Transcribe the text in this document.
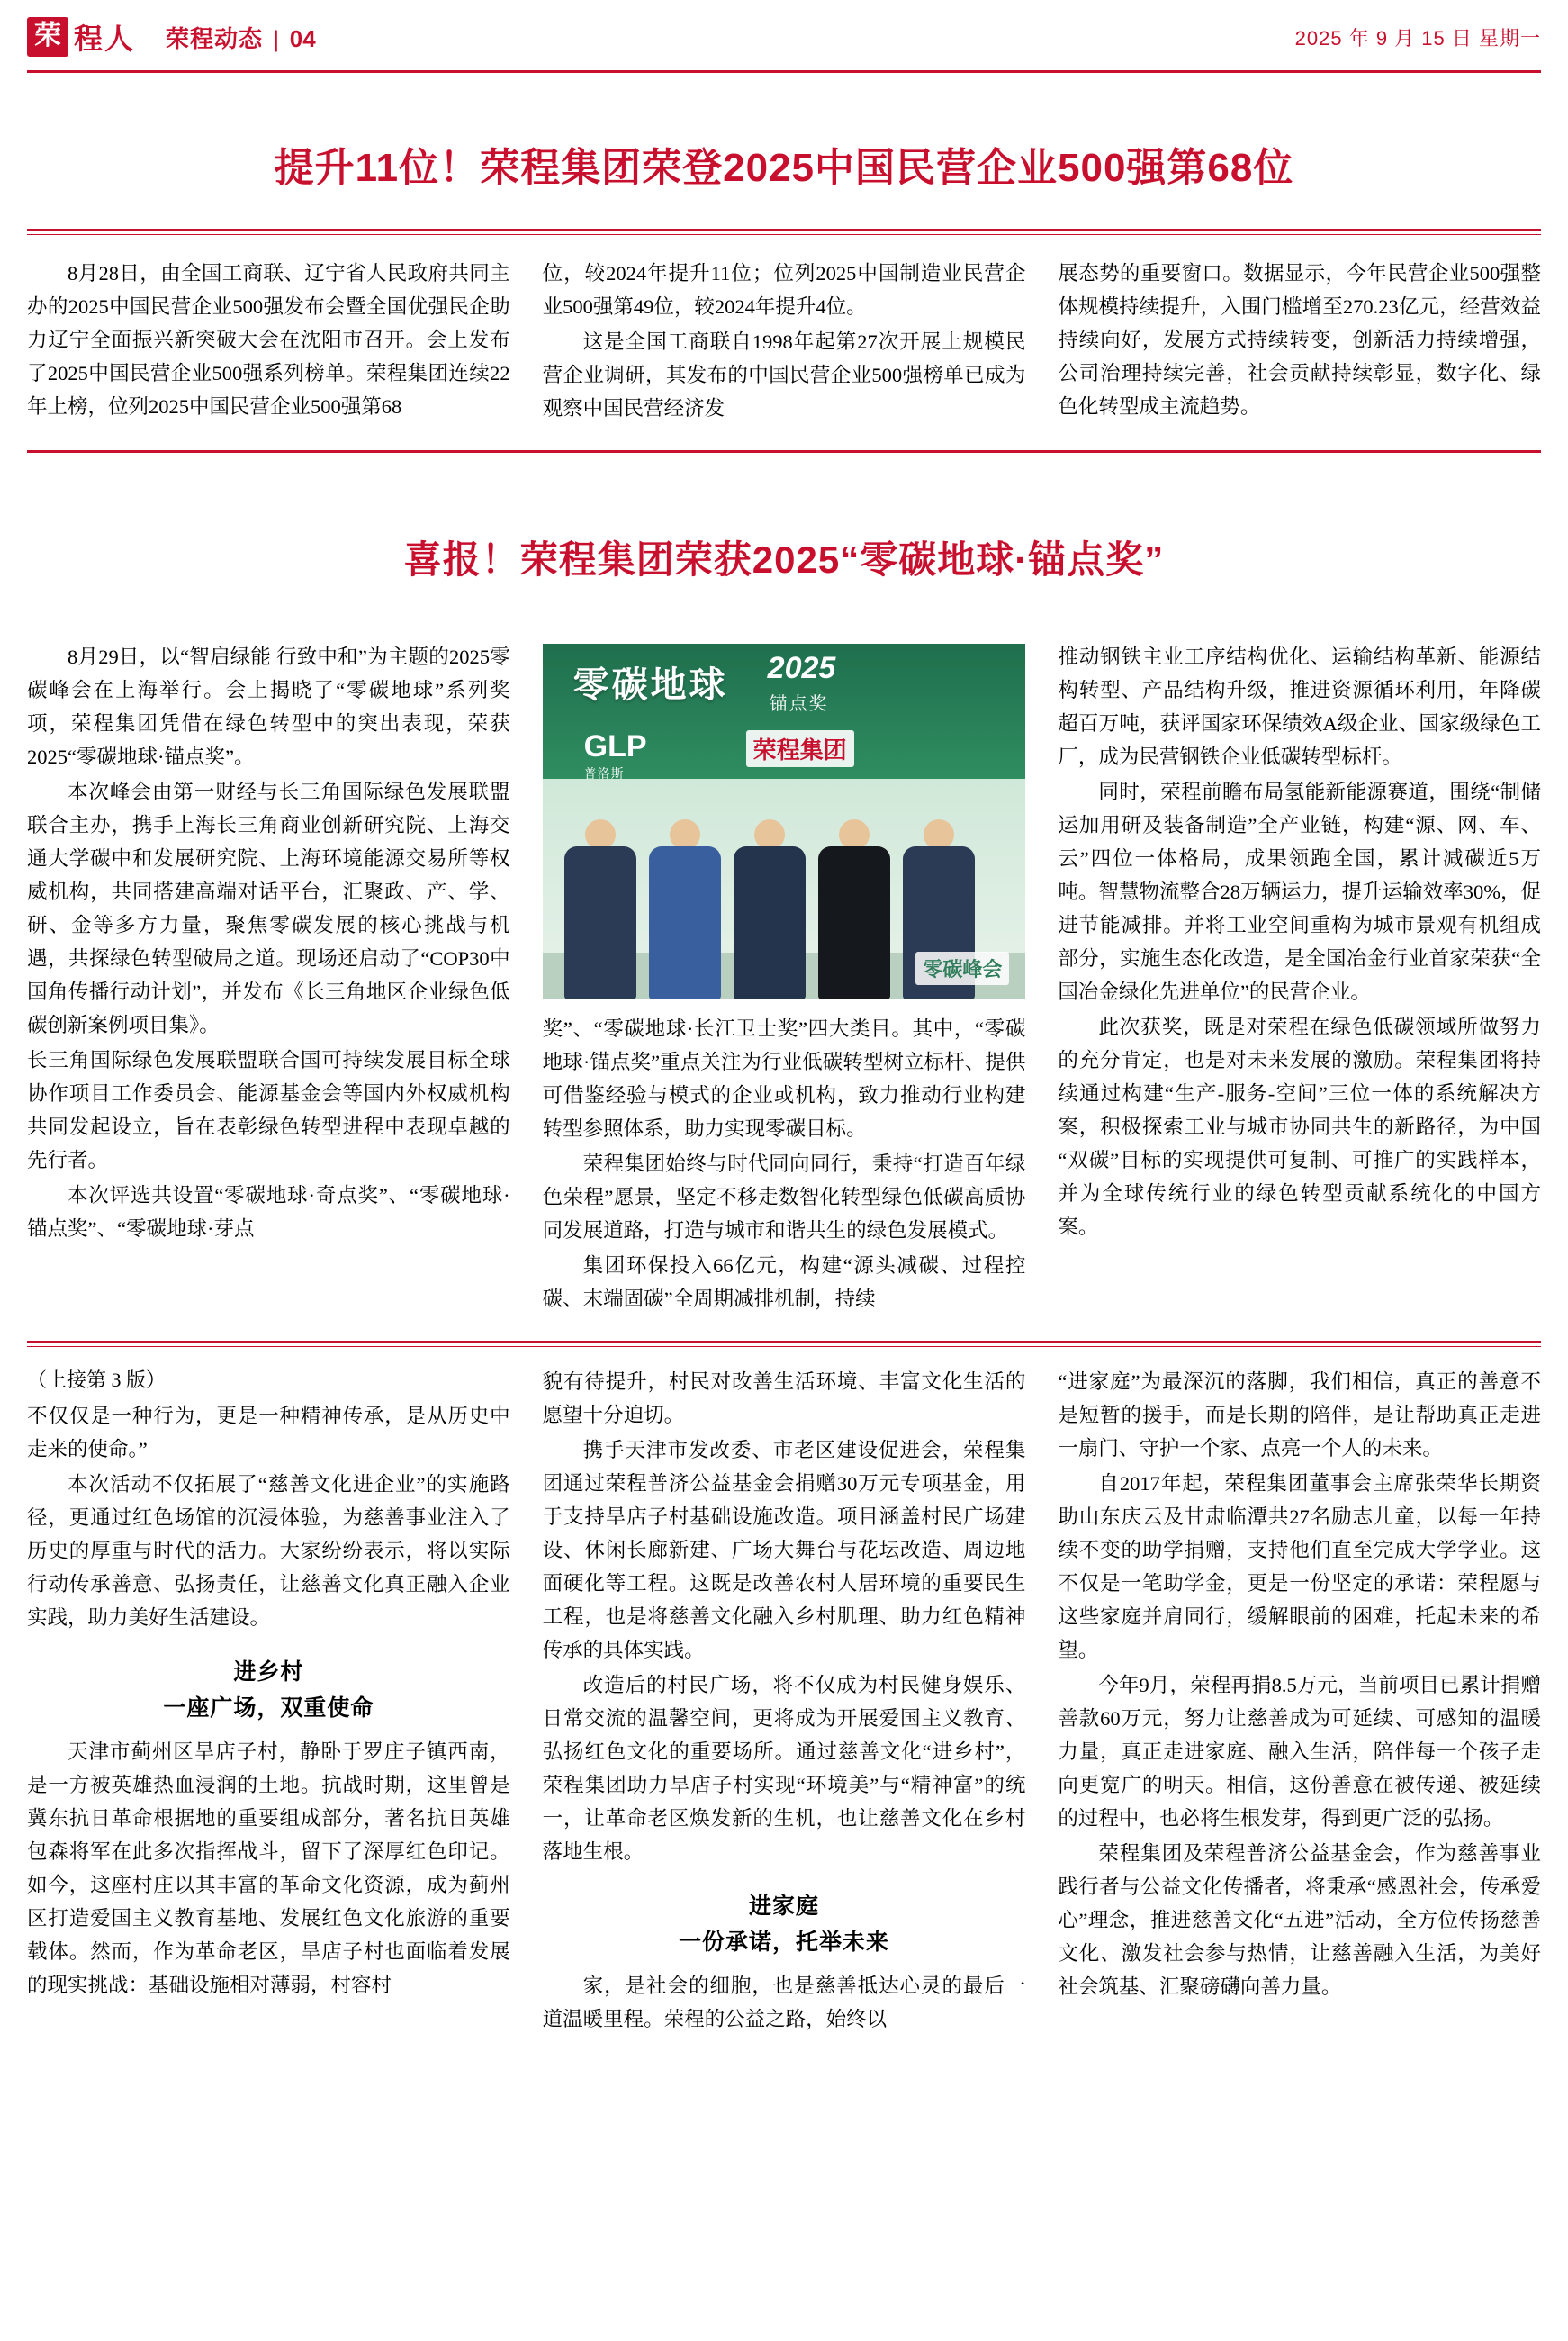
荣 程人 荣程动态 | 04	2025 年 9 月 15 日 星期一
提升11位！荣程集团荣登2025中国民营企业500强第68位

8月28日，由全国工商联、辽宁省人民政府共同主办的2025中国民营企业500强发布会暨全国优强民企助力辽宁全面振兴新突破大会在沈阳市召开。会上发布了2025中国民营企业500强系列榜单。荣程集团连续22年上榜，位列2025中国民营企业500强第68

位，较2024年提升11位；位列2025中国制造业民营企业500强第49位，较2024年提升4位。

这是全国工商联自1998年起第27次开展上规模民营企业调研，其发布的中国民营企业500强榜单已成为观察中国民营经济发

展态势的重要窗口。数据显示，今年民营企业500强整体规模持续提升，入围门槛增至270.23亿元，经营效益持续向好，发展方式持续转变，创新活力持续增强，公司治理持续完善，社会贡献持续彰显，数字化、绿色化转型成主流趋势。

喜报！荣程集团荣获2025“零碳地球·锚点奖”

8月29日，以“智启绿能 行致中和”为主题的2025零碳峰会在上海举行。会上揭晓了“零碳地球”系列奖项，荣程集团凭借在绿色转型中的突出表现，荣获2025“零碳地球·锚点奖”。

本次峰会由第一财经与长三角国际绿色发展联盟联合主办，携手上海长三角商业创新研究院、上海交通大学碳中和发展研究院、上海环境能源交易所等权威机构，共同搭建高端对话平台，汇聚政、产、学、研、金等多方力量，聚焦零碳发展的核心挑战与机遇，共探绿色转型破局之道。现场还启动了“COP30中国角传播行动计划”，并发布《长三角地区企业绿色低碳创新案例项目集》。

长三角国际绿色发展联盟联合国可持续发展目标全球协作项目工作委员会、能源基金会等国内外权威机构共同发起设立，旨在表彰绿色转型进程中表现卓越的先行者。

本次评选共设置“零碳地球·奇点奖”、“零碳地球·锚点奖”、“零碳地球·芽点

零碳地球 2025
锚点奖
GLP
普洛斯
荣程集团
零碳峰会

奖”、“零碳地球·长江卫士奖”四大类目。其中，“零碳地球·锚点奖”重点关注为行业低碳转型树立标杆、提供可借鉴经验与模式的企业或机构，致力推动行业构建转型参照体系，助力实现零碳目标。

荣程集团始终与时代同向同行，秉持“打造百年绿色荣程”愿景，坚定不移走数智化转型绿色低碳高质协同发展道路，打造与城市和谐共生的绿色发展模式。

集团环保投入66亿元，构建“源头减碳、过程控碳、末端固碳”全周期减排机制，持续

推动钢铁主业工序结构优化、运输结构革新、能源结构转型、产品结构升级，推进资源循环利用，年降碳超百万吨，获评国家环保绩效A级企业、国家级绿色工厂，成为民营钢铁企业低碳转型标杆。

同时，荣程前瞻布局氢能新能源赛道，围绕“制储运加用研及装备制造”全产业链，构建“源、网、车、云”四位一体格局，成果领跑全国，累计减碳近5万吨。智慧物流整合28万辆运力，提升运输效率30%，促进节能减排。并将工业空间重构为城市景观有机组成部分，实施生态化改造，是全国冶金行业首家荣获“全国冶金绿化先进单位”的民营企业。

此次获奖，既是对荣程在绿色低碳领域所做努力的充分肯定，也是对未来发展的激励。荣程集团将持续通过构建“生产-服务-空间”三位一体的系统解决方案，积极探索工业与城市协同共生的新路径，为中国“双碳”目标的实现提供可复制、可推广的实践样本，并为全球传统行业的绿色转型贡献系统化的中国方案。

（上接第 3 版）

不仅仅是一种行为，更是一种精神传承，是从历史中走来的使命。”

本次活动不仅拓展了“慈善文化进企业”的实施路径，更通过红色场馆的沉浸体验，为慈善事业注入了历史的厚重与时代的活力。大家纷纷表示，将以实际行动传承善意、弘扬责任，让慈善文化真正融入企业实践，助力美好生活建设。

进乡村
一座广场，双重使命

天津市蓟州区旱店子村，静卧于罗庄子镇西南，是一方被英雄热血浸润的土地。抗战时期，这里曾是冀东抗日革命根据地的重要组成部分，著名抗日英雄包森将军在此多次指挥战斗，留下了深厚红色印记。如今，这座村庄以其丰富的革命文化资源，成为蓟州区打造爱国主义教育基地、发展红色文化旅游的重要载体。然而，作为革命老区，旱店子村也面临着发展的现实挑战：基础设施相对薄弱，村容村

貌有待提升，村民对改善生活环境、丰富文化生活的愿望十分迫切。

携手天津市发改委、市老区建设促进会，荣程集团通过荣程普济公益基金会捐赠30万元专项基金，用于支持旱店子村基础设施改造。项目涵盖村民广场建设、休闲长廊新建、广场大舞台与花坛改造、周边地面硬化等工程。这既是改善农村人居环境的重要民生工程，也是将慈善文化融入乡村肌理、助力红色精神传承的具体实践。

改造后的村民广场，将不仅成为村民健身娱乐、日常交流的温馨空间，更将成为开展爱国主义教育、弘扬红色文化的重要场所。通过慈善文化“进乡村”，荣程集团助力旱店子村实现“环境美”与“精神富”的统一，让革命老区焕发新的生机，也让慈善文化在乡村落地生根。

进家庭
一份承诺，托举未来

家，是社会的细胞，也是慈善抵达心灵的最后一道温暖里程。荣程的公益之路，始终以

“进家庭”为最深沉的落脚，我们相信，真正的善意不是短暂的援手，而是长期的陪伴，是让帮助真正走进一扇门、守护一个家、点亮一个人的未来。

自2017年起，荣程集团董事会主席张荣华长期资助山东庆云及甘肃临潭共27名励志儿童，以每一年持续不变的助学捐赠，支持他们直至完成大学学业。这不仅是一笔助学金，更是一份坚定的承诺：荣程愿与这些家庭并肩同行，缓解眼前的困难，托起未来的希望。

今年9月，荣程再捐8.5万元，当前项目已累计捐赠善款60万元，努力让慈善成为可延续、可感知的温暖力量，真正走进家庭、融入生活，陪伴每一个孩子走向更宽广的明天。相信，这份善意在被传递、被延续的过程中，也必将生根发芽，得到更广泛的弘扬。

荣程集团及荣程普济公益基金会，作为慈善事业践行者与公益文化传播者，将秉承“感恩社会，传承爱心”理念，推进慈善文化“五进”活动，全方位传扬慈善文化、激发社会参与热情，让慈善融入生活，为美好社会筑基、汇聚磅礴向善力量。
